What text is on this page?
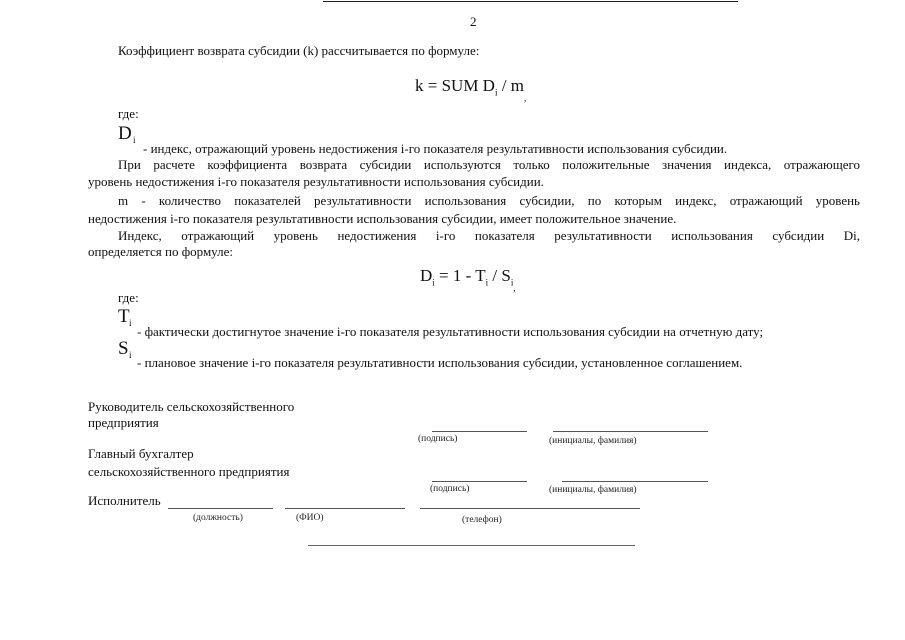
2
Коэффициент возврата субсидии (k) рассчитывается по формуле:
k = SUM $D_i / m_,$
где:
D i
- индекс, отражающий уровень недостижения i-го показателя результативности использования субсидии.
При расчете коэффициента возврата субсидии используются только положительные значения индекса, отражающего
уровень недостижения i-го показателя результативности использования субсидии.
m - количество показателей результативности использования субсидии, по которым индекс, отражающий уровень
недостижения i-го показателя результативности использования субсидии, имеет положительное значение.
Индекс, отражающий уровень недостижения i-го показателя результативности использования субсидии Di,
определяется по формуле:
$D_i = 1 - T_i / S_{i,}$
где:
T i
- фактически достигнутое значение i-го показателя результативности использования субсидии на отчетную дату;
S i - плановое значение i-го показателя результативности использования субсидии, установленное соглашением.
Руководитель сельскохозяйственного
предприятия
(подпись)	(инициалы, фамилия)
Главный бухгалтер
сельскохозяйственного предприятия
(подпись)	(инициалы, фамилия)
Исполнитель
(должность)	(ФИО)	(телефон)
